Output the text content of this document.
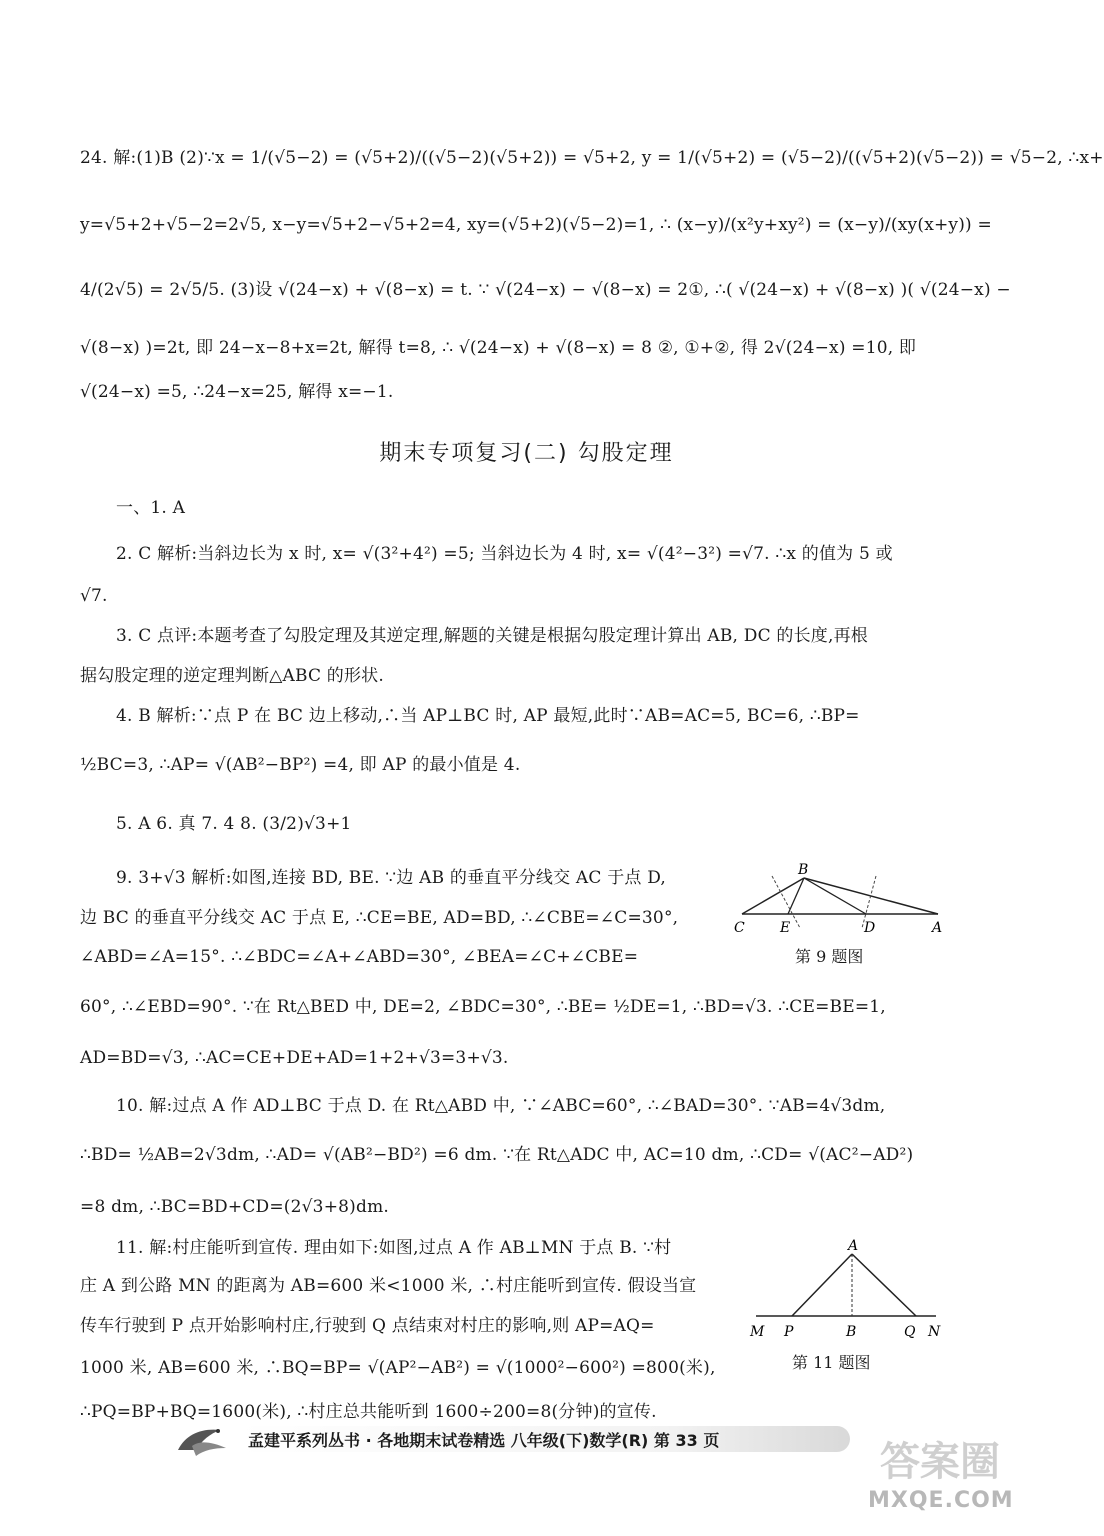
24. 解:(1)B (2)∵x = 1/(√5−2) = (√5+2)/((√5−2)(√5+2)) = √5+2, y = 1/(√5+2) = (√5−2)/((√5+2)(√5−2)) = √5−2, ∴x+
y=√5+2+√5−2=2√5, x−y=√5+2−√5+2=4, xy=(√5+2)(√5−2)=1, ∴ (x−y)/(x²y+xy²) = (x−y)/(xy(x+y)) =
4/(2√5) = 2√5/5. (3)设 √(24−x) + √(8−x) = t. ∵ √(24−x) − √(8−x) = 2①, ∴( √(24−x) + √(8−x) )( √(24−x) −
√(8−x) )=2t, 即 24−x−8+x=2t, 解得 t=8, ∴ √(24−x) + √(8−x) = 8 ②, ①+②, 得 2√(24−x) =10, 即
√(24−x) =5, ∴24−x=25, 解得 x=−1.
期末专项复习(二) 勾股定理
一、1. A
2. C 解析:当斜边长为 x 时, x= √(3²+4²) =5; 当斜边长为 4 时, x= √(4²−3²) =√7. ∴x 的值为 5 或
√7.
3. C 点评:本题考查了勾股定理及其逆定理,解题的关键是根据勾股定理计算出 AB, DC 的长度,再根
据勾股定理的逆定理判断△ABC 的形状.
4. B 解析:∵点 P 在 BC 边上移动,∴当 AP⊥BC 时, AP 最短,此时∵AB=AC=5, BC=6, ∴BP=
½BC=3, ∴AP= √(AB²−BP²) =4, 即 AP 的最小值是 4.
5. A 6. 真 7. 4 8. (3/2)√3+1
9. 3+√3 解析:如图,连接 BD, BE. ∵边 AB 的垂直平分线交 AC 于点 D,
边 BC 的垂直平分线交 AC 于点 E, ∴CE=BE, AD=BD, ∴∠CBE=∠C=30°,
∠ABD=∠A=15°. ∴∠BDC=∠A+∠ABD=30°, ∠BEA=∠C+∠CBE=
60°, ∴∠EBD=90°. ∵在 Rt△BED 中, DE=2, ∠BDC=30°, ∴BE= ½DE=1, ∴BD=√3. ∴CE=BE=1,
AD=BD=√3, ∴AC=CE+DE+AD=1+2+√3=3+√3.
10. 解:过点 A 作 AD⊥BC 于点 D. 在 Rt△ABD 中, ∵∠ABC=60°, ∴∠BAD=30°. ∵AB=4√3dm,
∴BD= ½AB=2√3dm, ∴AD= √(AB²−BD²) =6 dm. ∵在 Rt△ADC 中, AC=10 dm, ∴CD= √(AC²−AD²)
=8 dm, ∴BC=BD+CD=(2√3+8)dm.
11. 解:村庄能听到宣传. 理由如下:如图,过点 A 作 AB⊥MN 于点 B. ∵村
庄 A 到公路 MN 的距离为 AB=600 米<1000 米, ∴村庄能听到宣传. 假设当宣
传车行驶到 P 点开始影响村庄,行驶到 Q 点结束对村庄的影响,则 AP=AQ=
1000 米, AB=600 米, ∴BQ=BP= √(AP²−AB²) = √(1000²−600²) =800(米),
∴PQ=BP+BQ=1600(米), ∴村庄总共能听到 1600÷200=8(分钟)的宣传.
B
C	E	D	A
第 9 题图
A
M P	B	Q N
第 11 题图
孟建平系列丛书 · 各地期末试卷精选 八年级(下)数学(R) 第 33 页	答案圈
MXQE.COM
